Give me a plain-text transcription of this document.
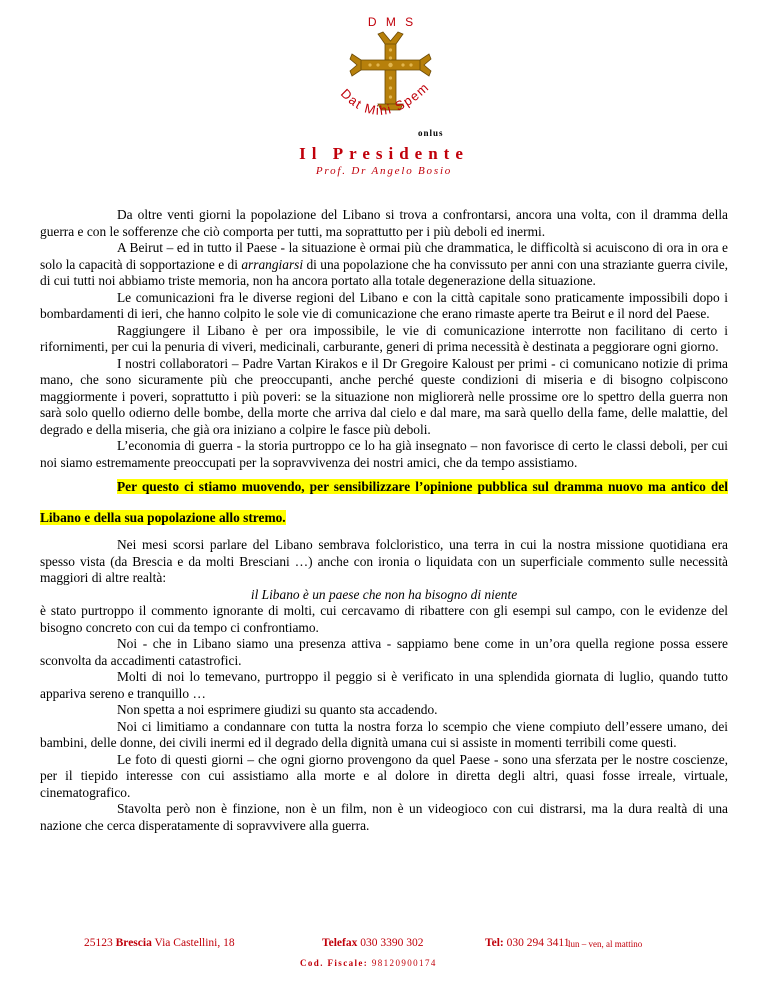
D M S
Dat Mihi Spem
onlus
Il Presidente
Prof. Dr Angelo Bosio

Da oltre venti giorni la popolazione del Libano si trova a confrontarsi, ancora una volta, con il dramma della guerra e con le sofferenze che ciò comporta per tutti, ma soprattutto per i più deboli ed inermi.

A Beirut – ed in tutto il Paese - la situazione è ormai più che drammatica, le difficoltà si acuiscono di ora in ora e solo la capacità di sopportazione e di arrangiarsi di una popolazione che ha convissuto per anni con una straziante guerra civile, di cui tutti noi abbiamo triste memoria, non ha ancora portato alla totale degenerazione della situazione.

Le comunicazioni fra le diverse regioni del Libano e con la città capitale sono praticamente impossibili dopo i bombardamenti di ieri, che hanno colpito le sole vie di comunicazione che erano rimaste aperte tra Beirut e il nord del Paese.

Raggiungere il Libano è per ora impossibile, le vie di comunicazione interrotte non facilitano di certo i rifornimenti, per cui la penuria di viveri, medicinali, carburante, generi di prima necessità è destinata a peggiorare ogni giorno.

I nostri collaboratori – Padre Vartan Kirakos e il Dr Gregoire Kaloust per primi - ci comunicano notizie di prima mano, che sono sicuramente più che preoccupanti, anche perché queste condizioni di miseria e di bisogno colpiscono maggiormente i poveri, soprattutto i più poveri: se la situazione non migliorerà nelle prossime ore lo spettro della guerra non sarà solo quello odierno delle bombe, della morte che arriva dal cielo e dal mare, ma sarà quello della fame, delle malattie, del degrado e della miseria, che già ora iniziano a colpire le fasce più deboli.

L’economia di guerra - la storia purtroppo ce lo ha già insegnato – non favorisce di certo le classi deboli, per cui noi siamo estremamente preoccupati per la sopravvivenza dei nostri amici, che da tempo assistiamo.

Per questo ci stiamo muovendo, per sensibilizzare l’opinione pubblica sul dramma nuovo ma antico del Libano e della sua popolazione allo stremo.

Nei mesi scorsi parlare del Libano sembrava folcloristico, una terra in cui la nostra missione quotidiana era spesso vista (da Brescia e da molti Bresciani …) anche con ironia o liquidata con un superficiale commento sulle necessità maggiori di altre realtà:

il Libano è un paese che non ha bisogno di niente

è stato purtroppo il commento ignorante di molti, cui cercavamo di ribattere con gli esempi sul campo, con le evidenze del bisogno concreto con cui da tempo ci confrontiamo.

Noi - che in Libano siamo una presenza attiva - sappiamo bene come in un’ora quella regione possa essere sconvolta da accadimenti catastrofici.

Molti di noi lo temevano, purtroppo il peggio si è verificato in una splendida giornata di luglio, quando tutto appariva sereno e tranquillo …

Non spetta a noi esprimere giudizi su quanto sta accadendo.

Noi ci limitiamo a condannare con tutta la nostra forza lo scempio che viene compiuto dell’essere umano, dei bambini, delle donne, dei civili inermi ed il degrado della dignità umana cui si assiste in momenti terribili come questi.

Le foto di questi giorni – che ogni giorno provengono da quel Paese - sono una sferzata per le nostre coscienze, per il tiepido interesse con cui assistiamo alla morte e al dolore in diretta degli altri, quasi fosse irreale, virtuale, cinematografico.

Stavolta però non è finzione, non è un film, non è un videogioco con cui distrarsi, ma la dura realtà di una nazione che cerca disperatamente di sopravvivere alla guerra.

25123 Brescia Via Castellini, 18	Telefax 030 3390 302	Tel: 030 294 3411
lun – ven, al mattino
Cod. Fiscale: 98120900174
